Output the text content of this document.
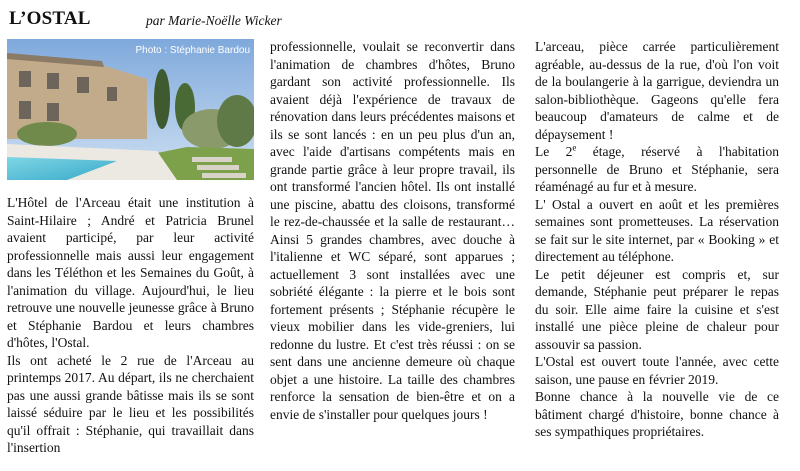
L’OSTAL	par Marie-Noëlle Wicker
Photo : Stéphanie Bardou

L'Hôtel de l'Arceau était une institution à Saint-Hilaire ; André et Patricia Brunel avaient participé, par leur activité professionnelle mais aussi leur engagement dans les Téléthon et les Semaines du Goût, à l'animation du village. Aujourd'hui, le lieu retrouve une nouvelle jeunesse grâce à Bruno et Stéphanie Bardou et leurs chambres d'hôtes, l'Ostal.

Ils ont acheté le 2 rue de l'Arceau au printemps 2017. Au départ, ils ne cherchaient pas une aussi grande bâtisse mais ils se sont laissé séduire par le lieu et les possibilités qu'il offrait : Stéphanie, qui travaillait dans l'insertion

professionnelle, voulait se reconvertir dans l'animation de chambres d'hôtes, Bruno gardant son activité professionnelle. Ils avaient déjà l'expérience de travaux de rénovation dans leurs précédentes maisons et ils se sont lancés : en un peu plus d'un an, avec l'aide d'artisans compétents mais en grande partie grâce à leur propre travail, ils ont transformé l'ancien hôtel. Ils ont installé une piscine, abattu des cloisons, transformé le rez-de-chaussée et la salle de restaurant… Ainsi 5 grandes chambres, avec douche à l'italienne et WC séparé, sont apparues ; actuellement 3 sont installées avec une sobriété élégante : la pierre et le bois sont fortement présents ; Stéphanie récupère le vieux mobilier dans les vide-greniers, lui redonne du lustre. Et c'est très réussi : on se sent dans une ancienne demeure où chaque objet a une histoire. La taille des chambres renforce la sensation de bien-être et on a envie de s'installer pour quelques jours !

L'arceau, pièce carrée particulièrement agréable, au-dessus de la rue, d'où l'on voit de la boulangerie à la garrigue, deviendra un salon-bibliothèque. Gageons qu'elle fera beaucoup d'amateurs de calme et de dépaysement !

Le 2e étage, réservé à l'habitation personnelle de Bruno et Stéphanie, sera réaménagé au fur et à mesure.

L' Ostal a ouvert en août et les premières semaines sont prometteuses. La réservation se fait sur le site internet, par « Booking » et directement au téléphone.

Le petit déjeuner est compris et, sur demande, Stéphanie peut préparer le repas du soir. Elle aime faire la cuisine et s'est installé une pièce pleine de chaleur pour assouvir sa passion.

L'Ostal est ouvert toute l'année, avec cette saison, une pause en février 2019.

Bonne chance à la nouvelle vie de ce bâtiment chargé d'histoire, bonne chance à ses sympathiques propriétaires.
